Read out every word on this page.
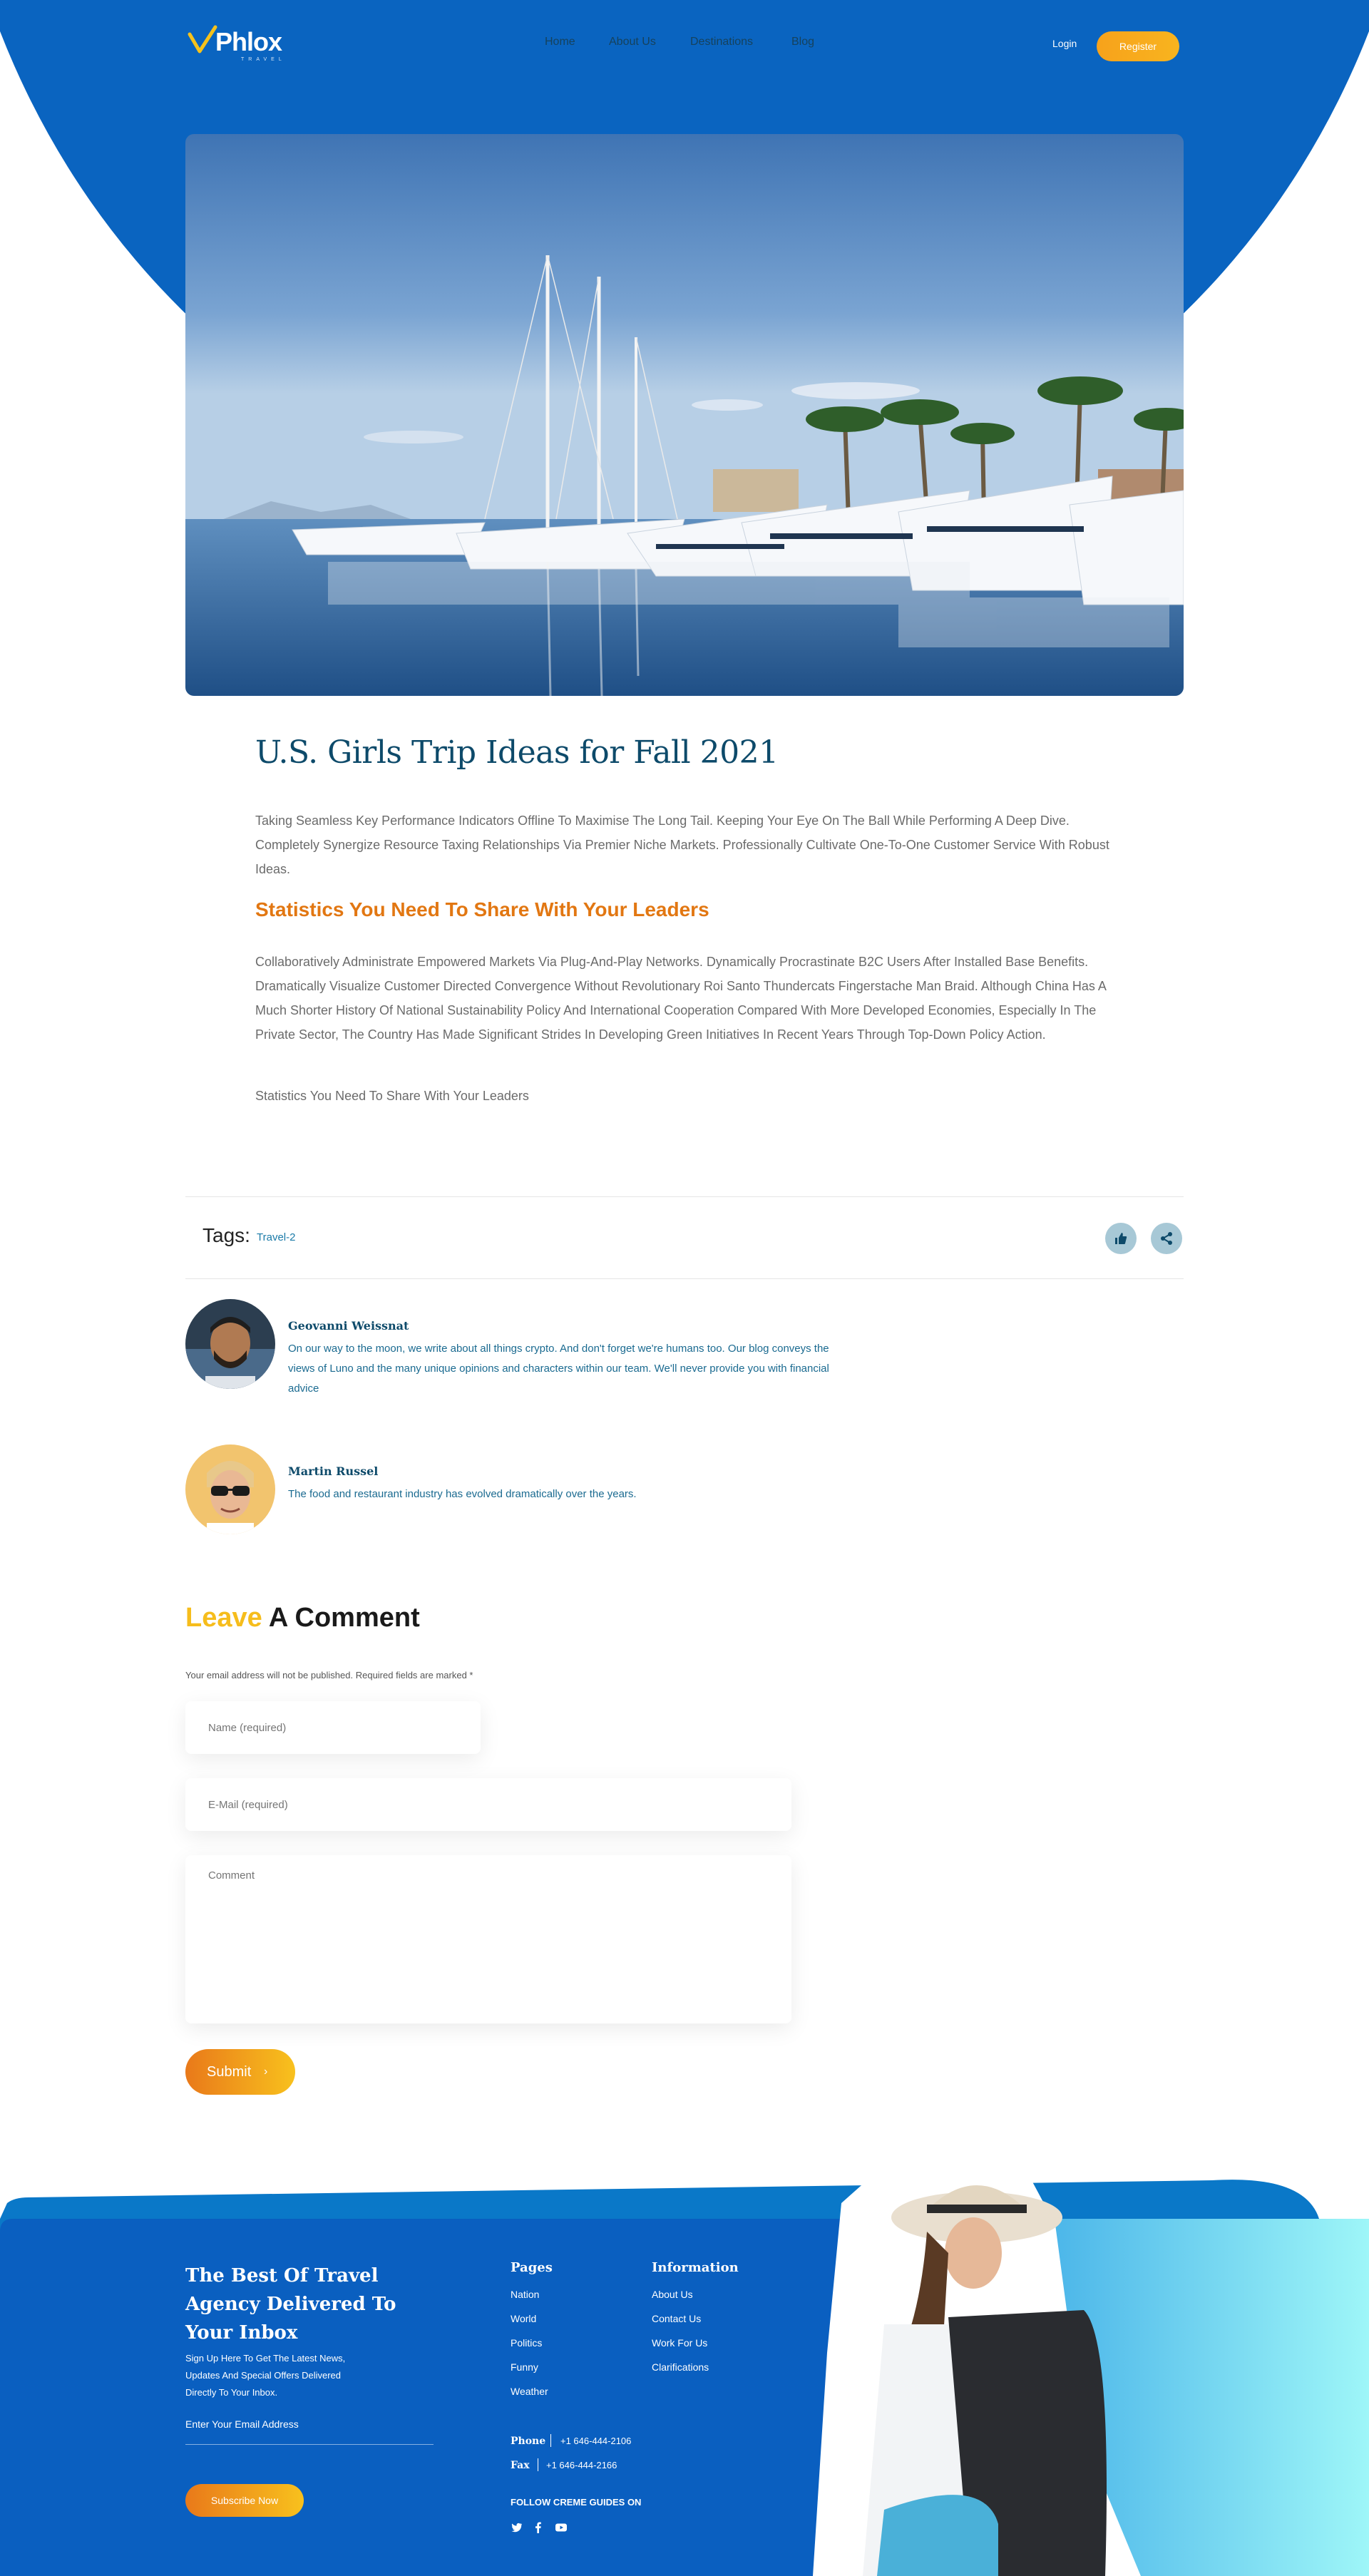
Phlox
TRAVEL
Home	About Us	Destinations	Blog	Login	Register
U.S. Girls Trip Ideas for Fall 2021

Taking Seamless Key Performance Indicators Offline To Maximise The Long Tail. Keeping Your Eye On The Ball While Performing A Deep Dive. Completely Synergize Resource Taxing Relationships Via Premier Niche Markets. Professionally Cultivate One-To-One Customer Service With Robust Ideas.

Statistics You Need To Share With Your Leaders

Collaboratively Administrate Empowered Markets Via Plug-And-Play Networks. Dynamically Procrastinate B2C Users After Installed Base Benefits. Dramatically Visualize Customer Directed Convergence Without Revolutionary Roi Santo Thundercats Fingerstache Man Braid. Although China Has A Much Shorter History Of National Sustainability Policy And International Cooperation Compared With More Developed Economies, Especially In The Private Sector, The Country Has Made Significant Strides In Developing Green Initiatives In Recent Years Through Top-Down Policy Action.

Statistics You Need To Share With Your Leaders

Tags: Travel-2
Geovanni Weissnat

On our way to the moon, we write about all things crypto. And don't forget we're humans too. Our blog conveys the views of Luno and the many unique opinions and characters within our team. We'll never provide you with financial advice

Martin Russel

The food and restaurant industry has evolved dramatically over the years.

Leave A Comment

Your email address will not be published. Required fields are marked *

Name (required)
E-Mail (required)
Comment
Submit ›
The Best Of Travel Agency Delivered To Your Inbox

Sign Up Here To Get The Latest News, Updates And Special Offers Delivered Directly To Your Inbox.

Enter Your Email Address
Subscribe Now
Pages
Nation
World
Politics
Funny
Weather
Information
About Us
Contact Us
Work For Us
Clarifications
Phone +1 646-444-2106
Fax +1 646-444-2166
FOLLOW CREME GUIDES ON
